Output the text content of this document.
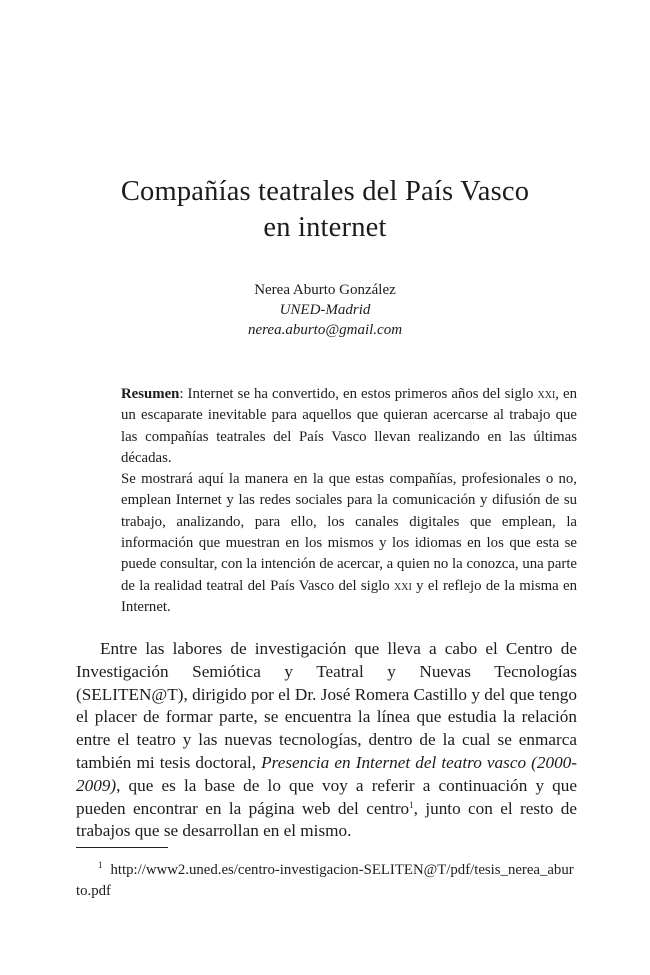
Compañías teatrales del País Vasco
en internet
Nerea Aburto González
UNED-Madrid
nerea.aburto@gmail.com

Resumen: Internet se ha convertido, en estos primeros años del siglo xxi, en un escaparate inevitable para aquellos que quieran acercarse al trabajo que las compañías teatrales del País Vasco llevan realizando en las últimas décadas.

Se mostrará aquí la manera en la que estas compañías, profesionales o no, emplean Internet y las redes sociales para la comunicación y difusión de su trabajo, analizando, para ello, los canales digitales que emplean, la información que muestran en los mismos y los idiomas en los que esta se puede consultar, con la intención de acercar, a quien no la conozca, una parte de la realidad teatral del País Vasco del siglo xxi y el reflejo de la misma en Internet.

Entre las labores de investigación que lleva a cabo el Centro de Investigación Semiótica y Teatral y Nuevas Tecnologías (SELITEN@T), dirigido por el Dr. José Romera Castillo y del que tengo el placer de formar parte, se encuentra la línea que estudia la relación entre el teatro y las nuevas tecnologías, dentro de la cual se enmarca también mi tesis doctoral, Presencia en Internet del teatro vasco (2000-2009), que es la base de lo que voy a referir a continuación y que pueden encontrar en la página web del centro$^1$, junto con el resto de trabajos que se desarrollan en el mismo.

$^1$ http://www2.uned.es/centro-investigacion-SELITEN@T/pdf/tesis_nerea_aburto.pdf
